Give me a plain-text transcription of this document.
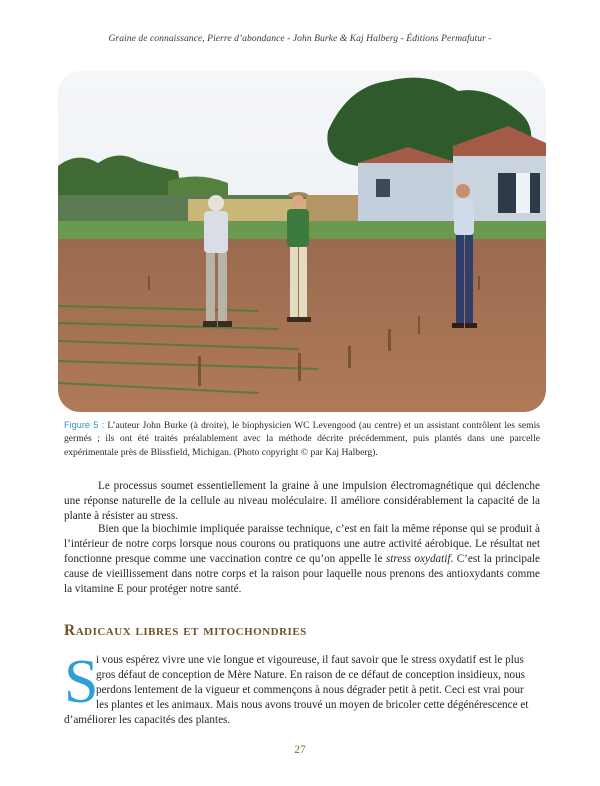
Graine de connaissance, Pierre d’abondance - John Burke & Kaj Halberg - Éditions Permafutur -
Figure 5 : L’auteur John Burke (à droite), le biophysicien WC Levengood (au centre) et un assistant contrôlent les semis germés ; ils ont été traités préalablement avec la méthode décrite précédemment, puis plantés dans une parcelle expérimentale près de Blissfield, Michigan. (Photo copyright © par Kaj Halberg).

Le processus soumet essentiellement la graine à une impulsion électromagnétique qui déclenche une réponse naturelle de la cellule au niveau moléculaire. Il améliore considérablement la capacité de la plante à résister au stress.

Bien que la biochimie impliquée paraisse technique, c’est en fait la même réponse qui se produit à l’intérieur de notre corps lorsque nous courons ou pratiquons une autre activité aérobique. Le résultat net fonctionne presque comme une vaccination contre ce qu’on appelle le stress oxydatif. C’est la principale cause de vieillissement dans notre corps et la raison pour laquelle nous prenons des antioxydants comme la vitamine E pour protéger notre santé.

Radicaux libres et mitochondries
S
i vous espérez vivre une vie longue et vigoureuse, il faut savoir que le stress oxydatif est le plus
gros défaut de conception de Mère Nature. En raison de ce défaut de conception insidieux, nous
perdons lentement de la vigueur et commençons à nous dégrader petit à petit. Ceci est vrai pour
les plantes et les animaux. Mais nous avons trouvé un moyen de bricoler cette dégénérescence et
d’améliorer les capacités des plantes.
27
